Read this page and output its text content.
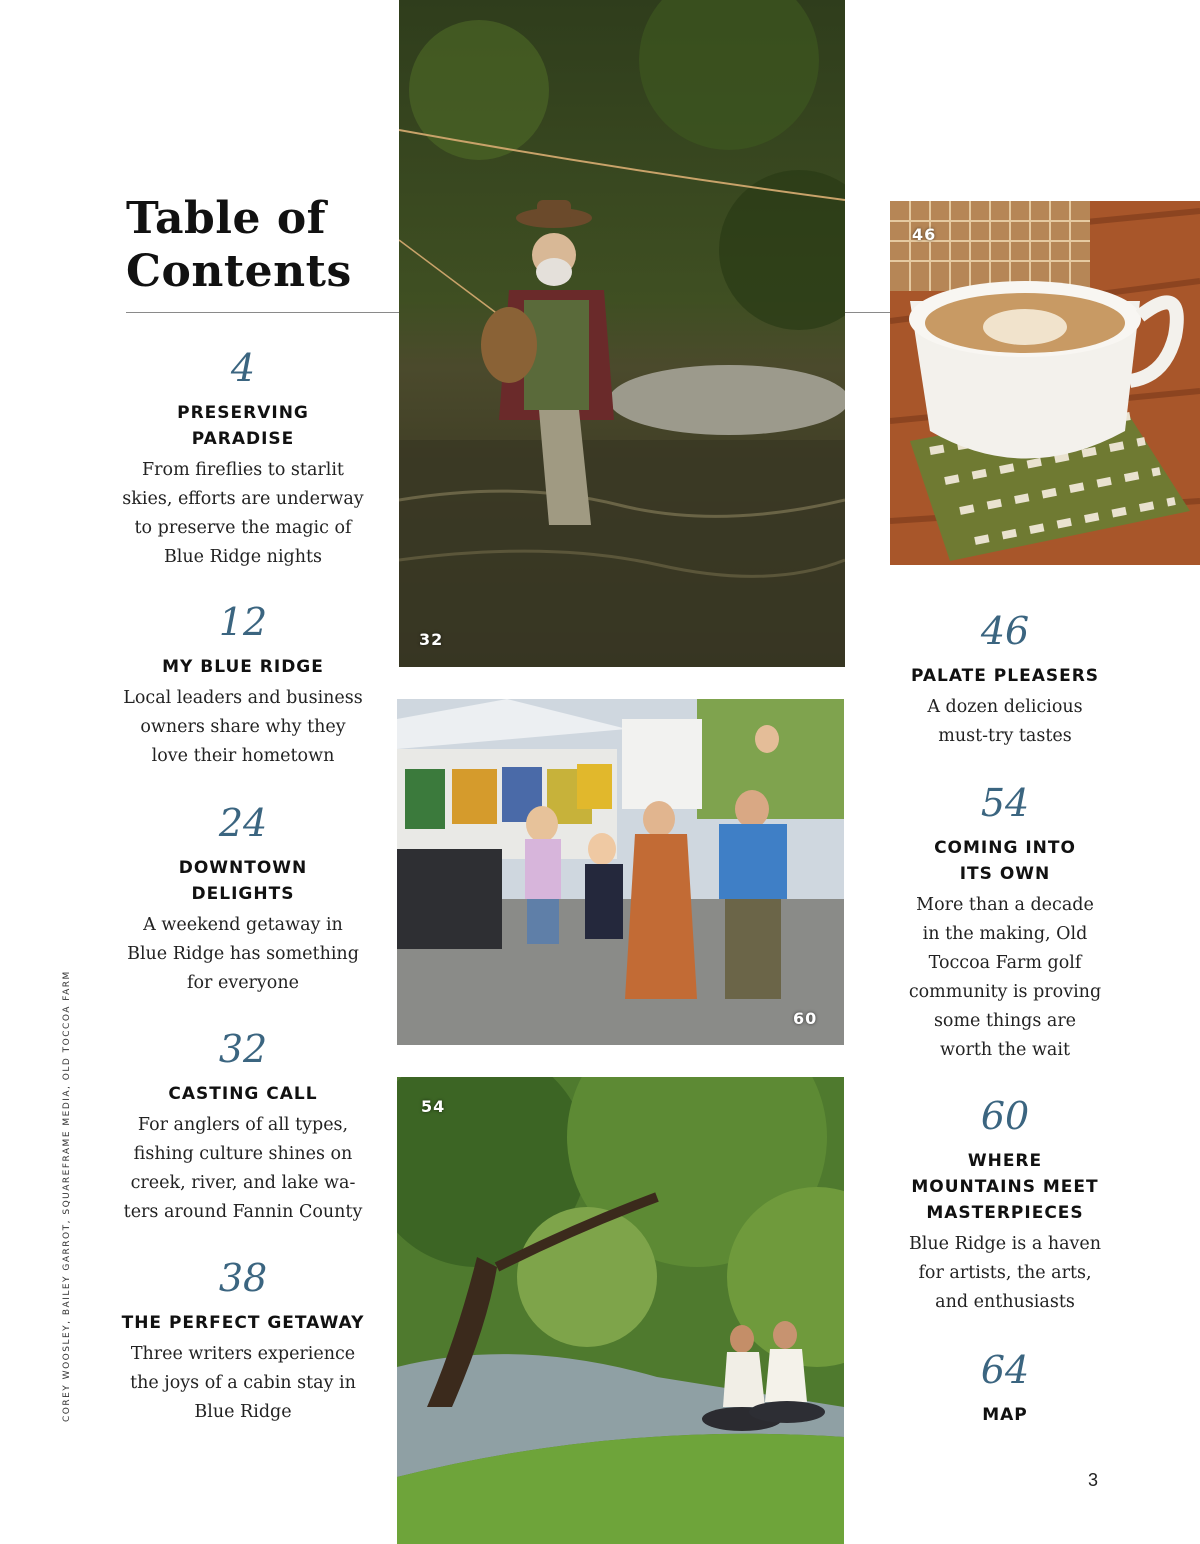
Table of
Contents
32
46
60
54
4
PRESERVING
PARADISE
From fireflies to starlit
skies, efforts are underway
to preserve the magic of
Blue Ridge nights
12
MY BLUE RIDGE
Local leaders and business
owners share why they
love their hometown
24
DOWNTOWN
DELIGHTS
A weekend getaway in
Blue Ridge has something
for everyone
32
CASTING CALL
For anglers of all types,
fishing culture shines on
creek, river, and lake wa-
ters around Fannin County
38
THE PERFECT GETAWAY
Three writers experience
the joys of a cabin stay in
Blue Ridge
46
PALATE PLEASERS
A dozen delicious
must-try tastes
54
COMING INTO
ITS OWN
More than a decade
in the making, Old
Toccoa Farm golf
community is proving
some things are
worth the wait
60
WHERE
MOUNTAINS MEET
MASTERPIECES
Blue Ridge is a haven
for artists, the arts,
and enthusiasts
64
MAP
COREY WOOSLEY, BAILEY GARROT, SQUAREFRAME MEDIA, OLD TOCCOA FARM
3
